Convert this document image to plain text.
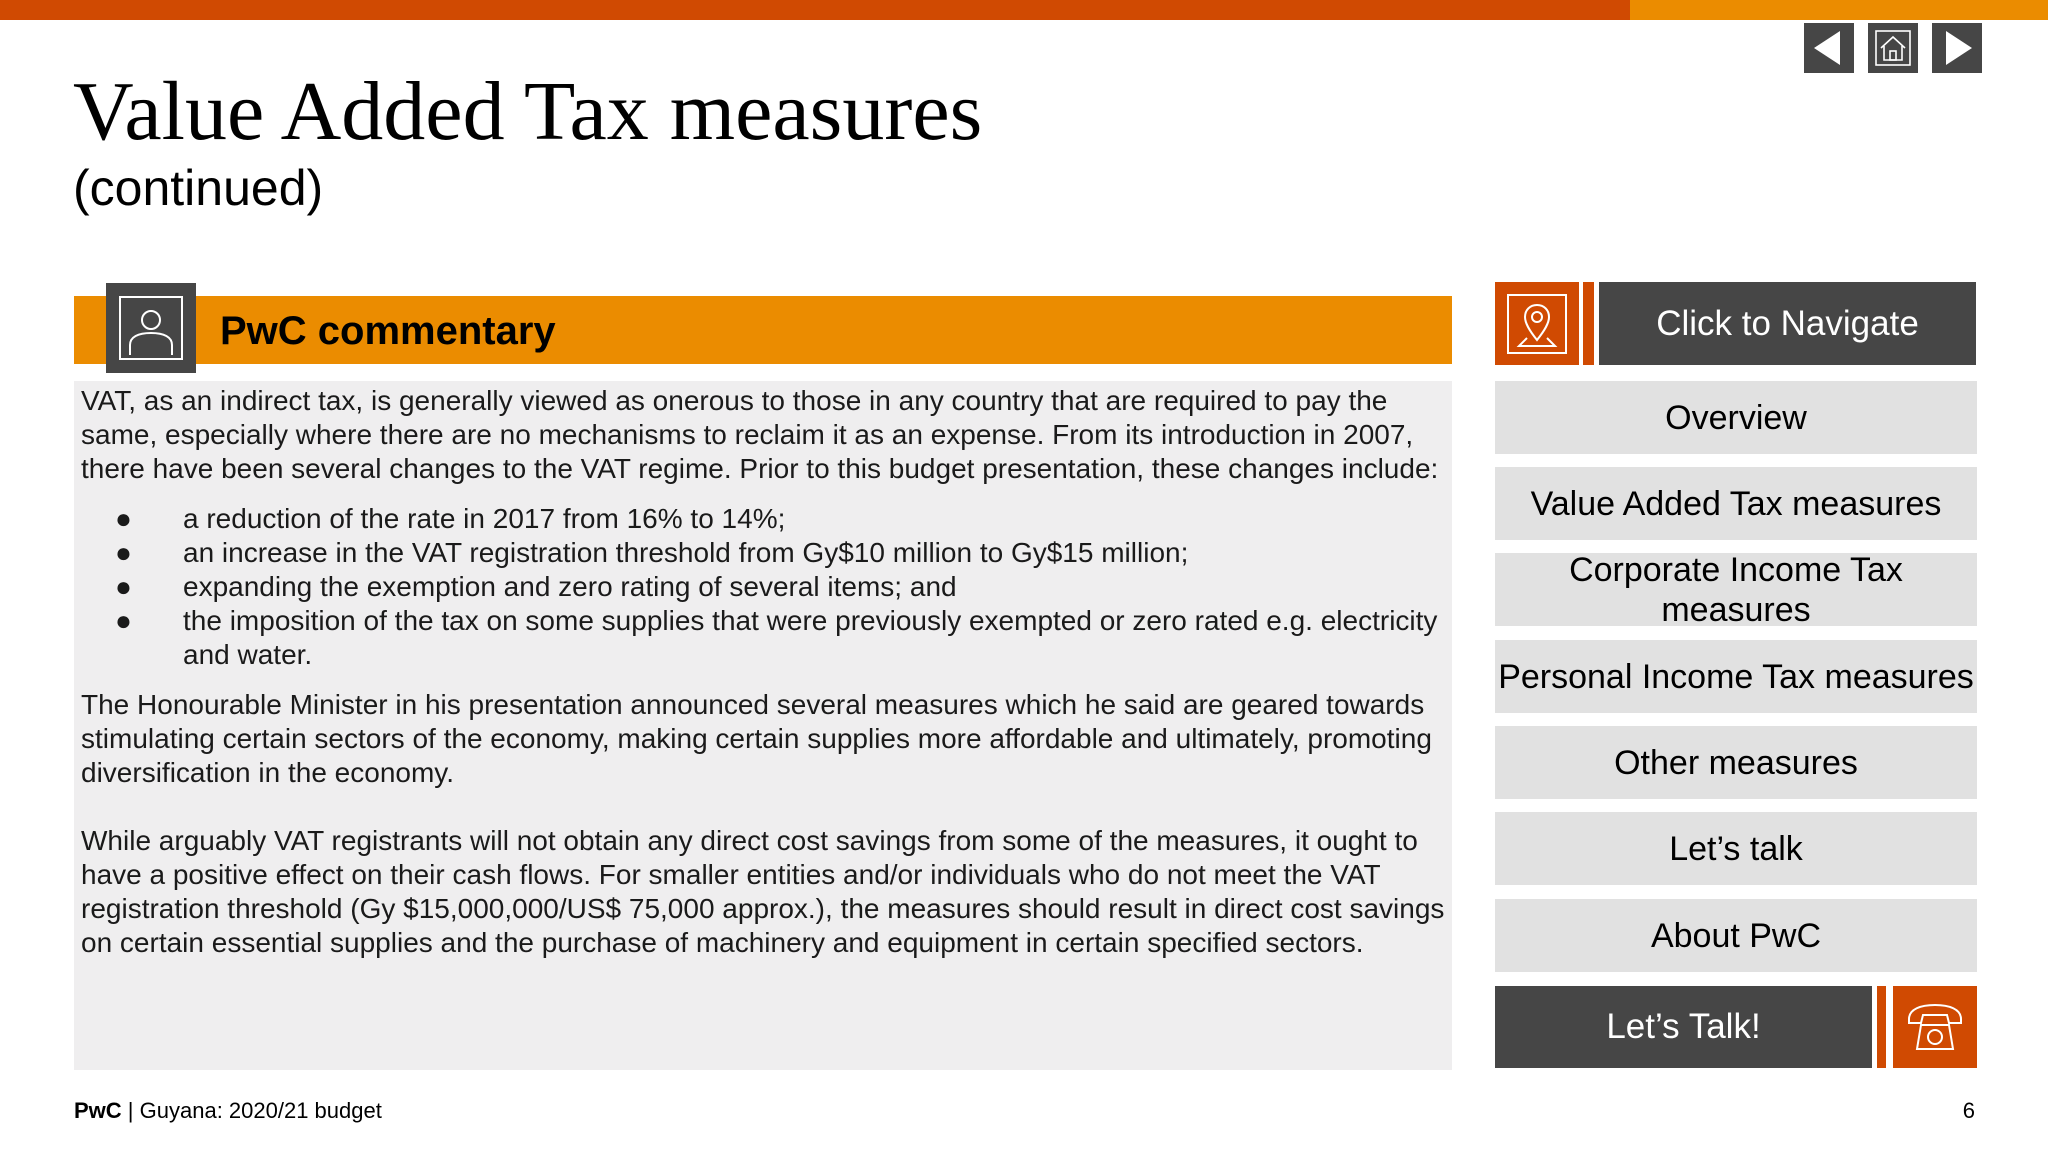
Value Added Tax measures
(continued)
PwC commentary

VAT, as an indirect tax, is generally viewed as onerous to those in any country that are required to pay the same, especially where there are no mechanisms to reclaim it as an expense. From its introduction in 2007, there have been several changes to the VAT regime. Prior to this budget presentation, these changes include:

● a reduction of the rate in 2017 from 16% to 14%;
● an increase in the VAT registration threshold from Gy$10 million to Gy$15 million;
● expanding the exemption and zero rating of several items; and
● the imposition of the tax on some supplies that were previously exempted or zero rated e.g. electricity and water.

The Honourable Minister in his presentation announced several measures which he said are geared towards stimulating certain sectors of the economy, making certain supplies more affordable and ultimately, promoting diversification in the economy.

While arguably VAT registrants will not obtain any direct cost savings from some of the measures, it ought to have a positive effect on their cash flows. For smaller entities and/or individuals who do not meet the VAT registration threshold (Gy $15,000,000/US$ 75,000 approx.), the measures should result in direct cost savings on certain essential supplies and the purchase of machinery and equipment in certain specified sectors.

Click to Navigate
Overview
Value Added Tax measures
Corporate Income Tax measures
Personal Income Tax measures
Other measures
Let’s talk
About PwC
Let’s Talk!
PwC | Guyana: 2020/21 budget	6
